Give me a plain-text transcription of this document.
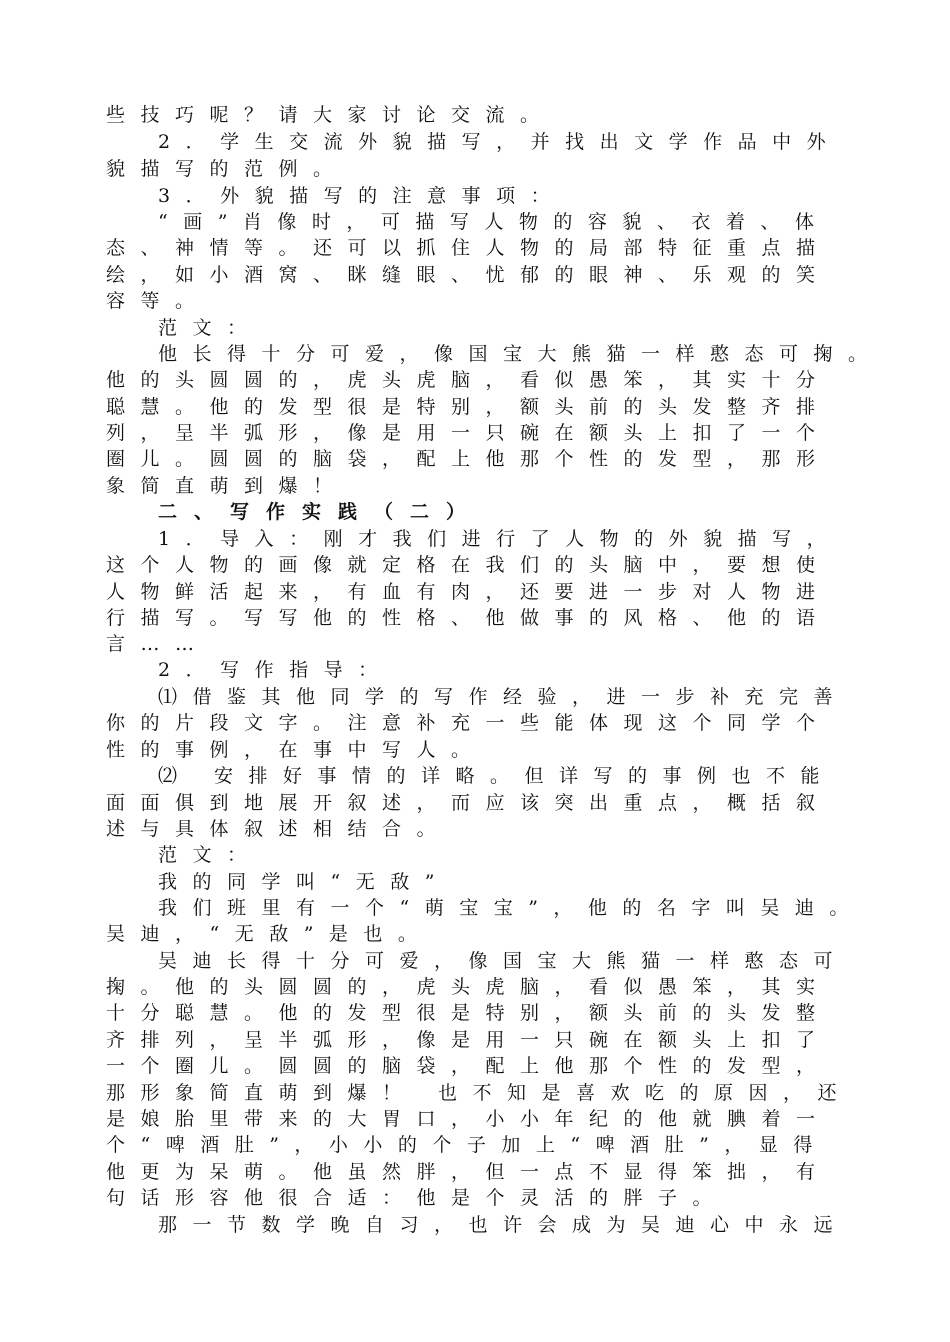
些技巧呢？请大家讨论交流。
2．学生交流外貌描写，并找出文学作品中外
貌描写的范例。
3．外貌描写的注意事项：
“画”肖像时，可描写人物的容貌、衣着、体
态、神情等。还可以抓住人物的局部特征重点描
绘，如小酒窝、眯缝眼、忧郁的眼神、乐观的笑
容等。
范文：
他长得十分可爱，像国宝大熊猫一样憨态可掬。
他的头圆圆的，虎头虎脑，看似愚笨，其实十分
聪慧。他的发型很是特别，额头前的头发整齐排
列，呈半弧形，像是用一只碗在额头上扣了一个
圈儿。圆圆的脑袋，配上他那个性的发型，那形
象简直萌到爆！
二、写作实践（二）
1．导入：刚才我们进行了人物的外貌描写，
这个人物的画像就定格在我们的头脑中，要想使
人物鲜活起来，有血有肉，还要进一步对人物进
行描写。写写他的性格、他做事的风格、他的语
言……
2．写作指导：
⑴借鉴其他同学的写作经验，进一步补充完善
你的片段文字。注意补充一些能体现这个同学个
性的事例，在事中写人。
⑵ 安排好事情的详略。但详写的事例也不能
面面俱到地展开叙述，而应该突出重点，概括叙
述与具体叙述相结合。
范文：
我的同学叫“无敌”
我们班里有一个“萌宝宝”，他的名字叫吴迪。
吴迪，“无敌”是也。
吴迪长得十分可爱，像国宝大熊猫一样憨态可
掬。他的头圆圆的，虎头虎脑，看似愚笨，其实
十分聪慧。他的发型很是特别，额头前的头发整
齐排列，呈半弧形，像是用一只碗在额头上扣了
一个圈儿。圆圆的脑袋，配上他那个性的发型，
那形象简直萌到爆！ 也不知是喜欢吃的原因，还
是娘胎里带来的大胃口，小小年纪的他就腆着一
个“啤酒肚”，小小的个子加上“啤酒肚”，显得
他更为呆萌。他虽然胖，但一点不显得笨拙，有
句话形容他很合适：他是个灵活的胖子。
那一节数学晚自习，也许会成为吴迪心中永远
